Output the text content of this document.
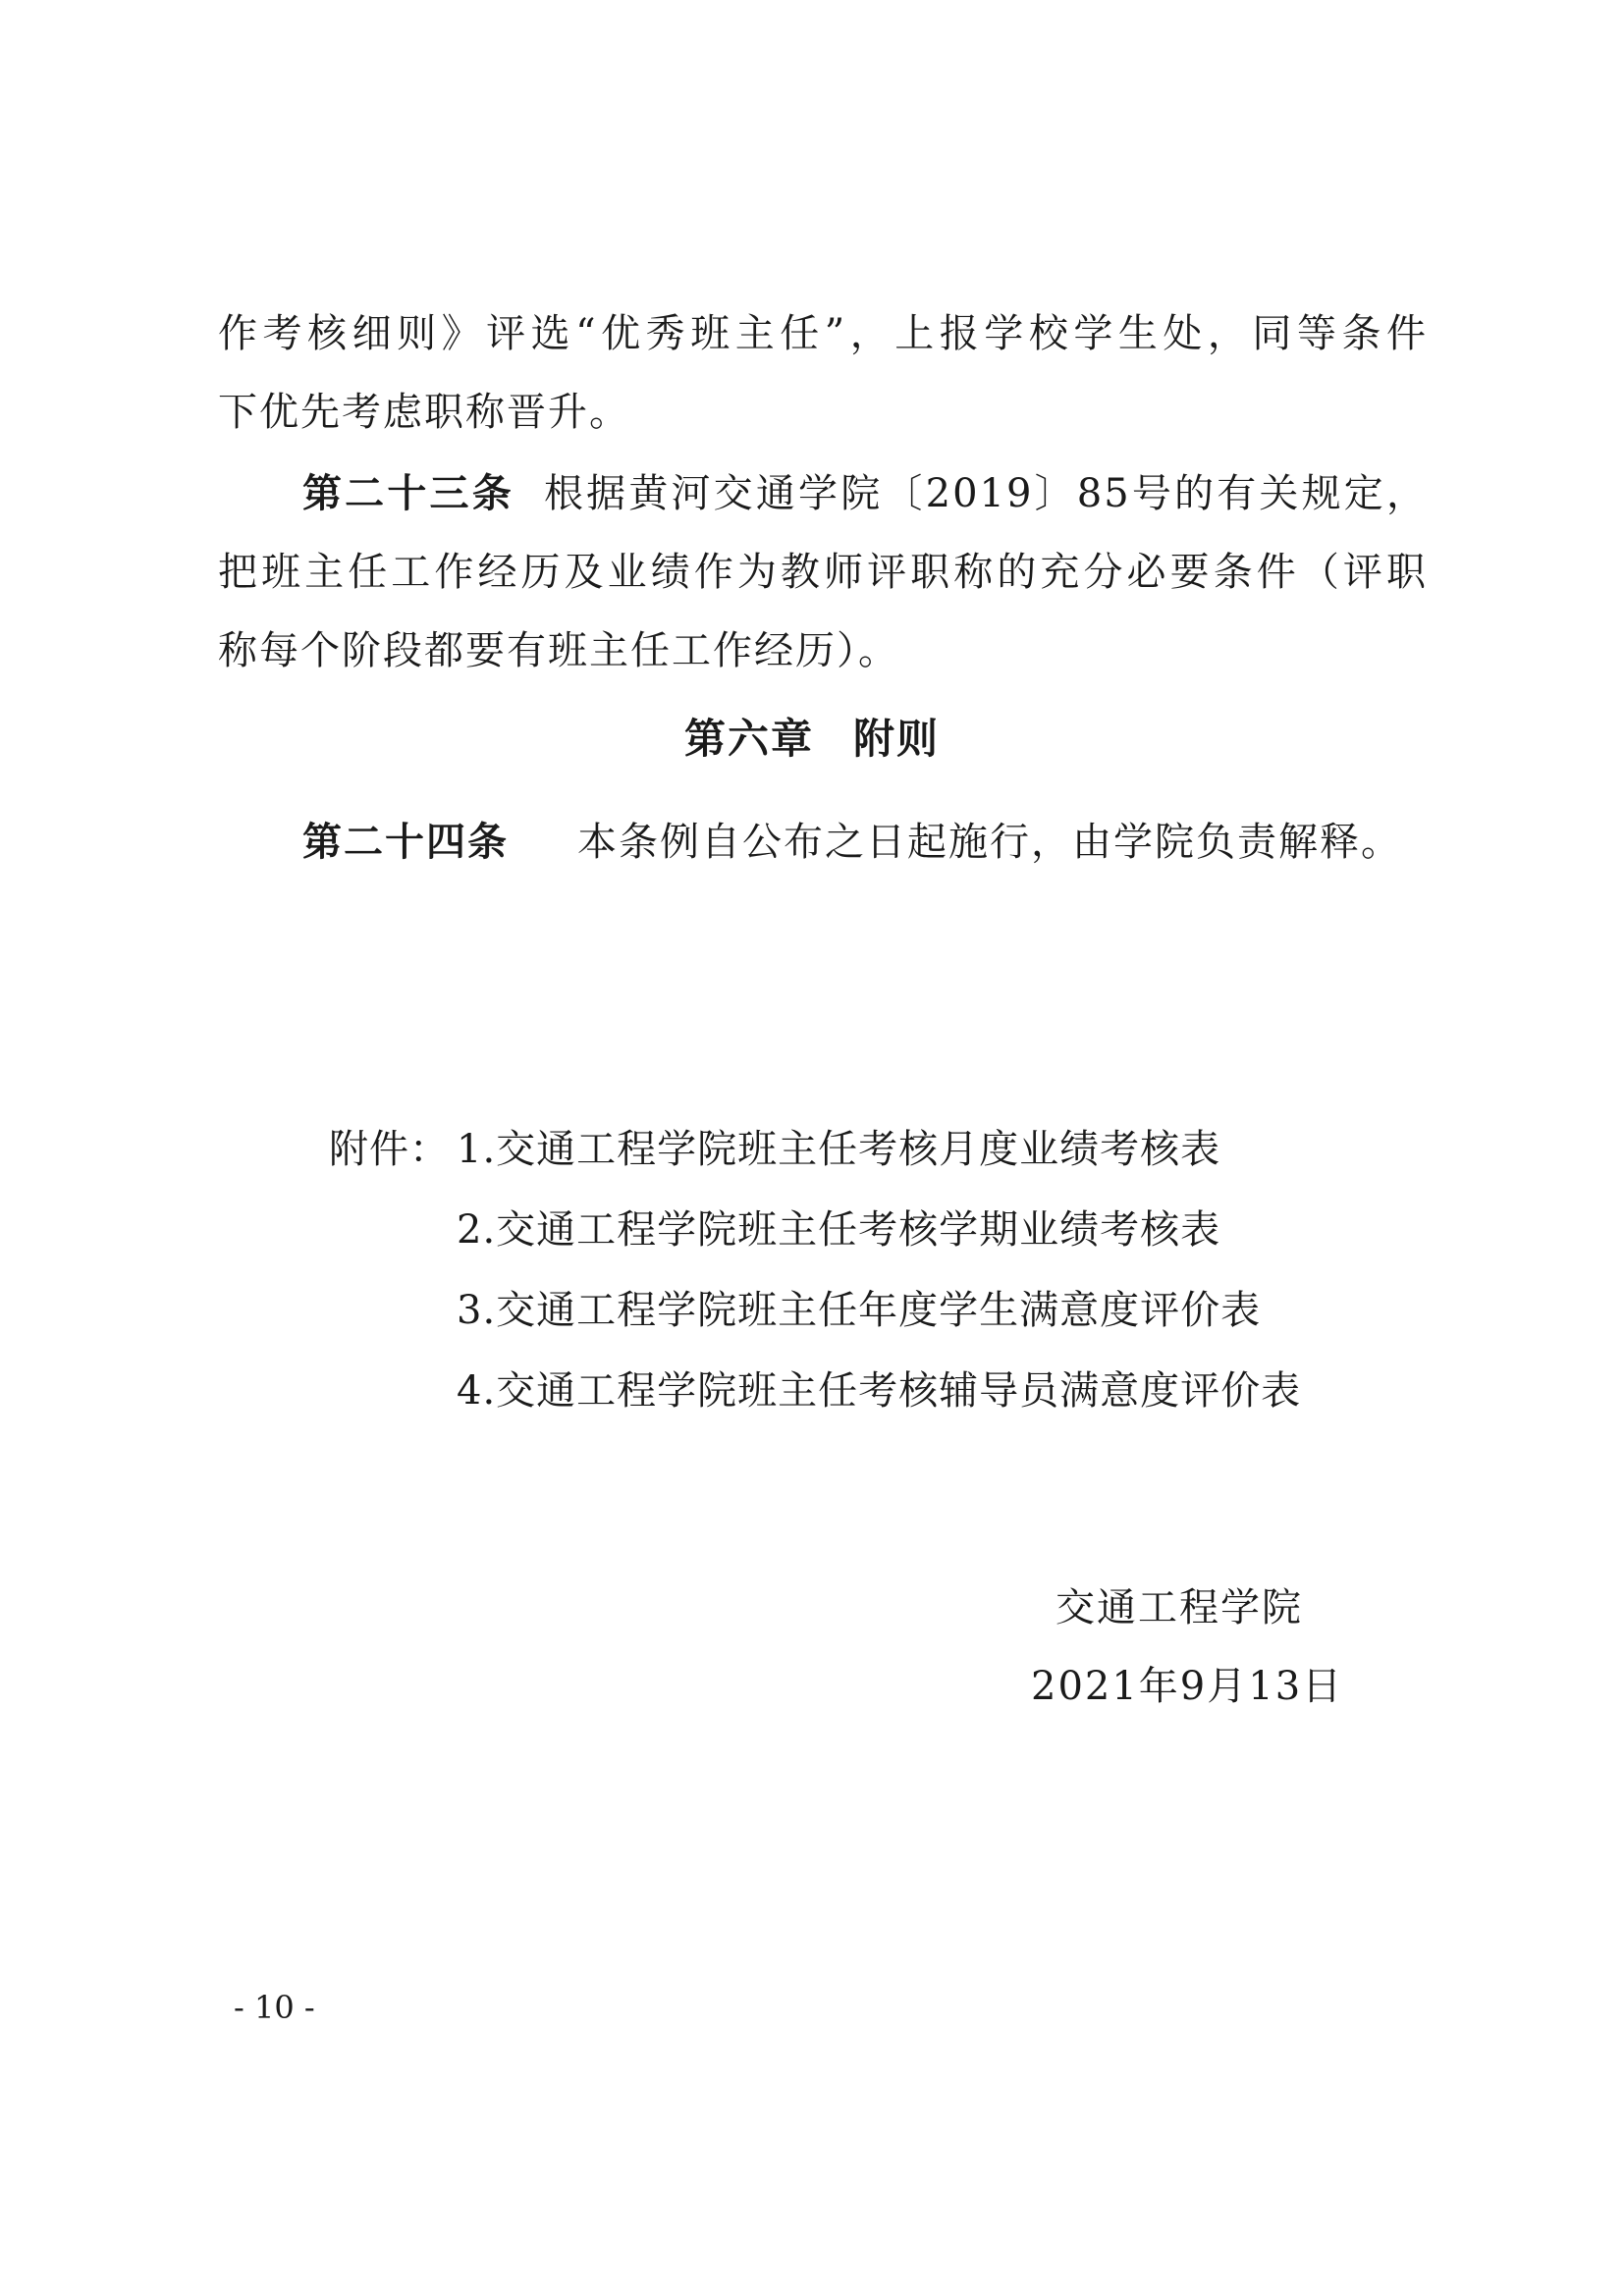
作考核细则》评选“优秀班主任”，上报学校学生处，同等条件
下优先考虑职称晋升。
第二十三条 根据黄河交通学院〔2019〕85号的有关规定，
把班主任工作经历及业绩作为教师评职称的充分必要条件（评职
称每个阶段都要有班主任工作经历）。
第六章 附则
第二十四条 本条例自公布之日起施行，由学院负责解释。
附件： 1.交通工程学院班主任考核月度业绩考核表
2.交通工程学院班主任考核学期业绩考核表
3.交通工程学院班主任年度学生满意度评价表
4.交通工程学院班主任考核辅导员满意度评价表
交通工程学院
2021年9月13日
- 10 -
